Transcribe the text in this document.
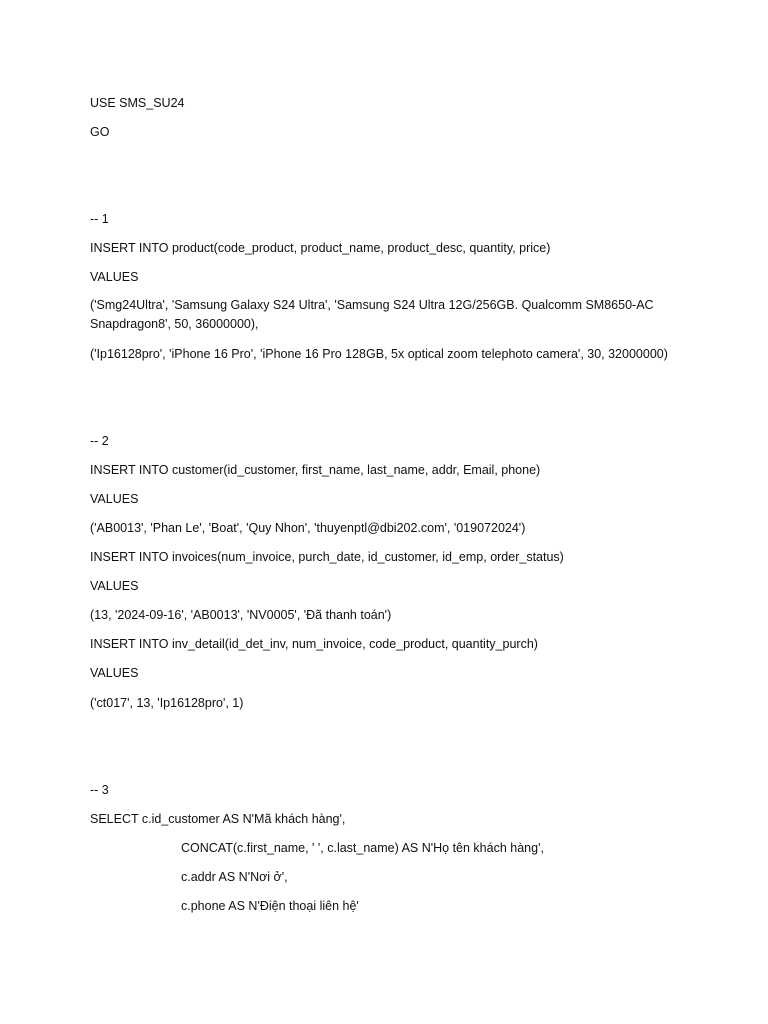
USE SMS_SU24
GO
-- 1
INSERT INTO product(code_product, product_name, product_desc, quantity, price)
VALUES
('Smg24Ultra', 'Samsung Galaxy S24 Ultra', 'Samsung S24 Ultra 12G/256GB. Qualcomm SM8650-AC Snapdragon8', 50, 36000000),
('Ip16128pro', 'iPhone 16 Pro', 'iPhone 16 Pro 128GB, 5x optical zoom telephoto camera', 30, 32000000)
-- 2
INSERT INTO customer(id_customer, first_name, last_name, addr, Email, phone)
VALUES
('AB0013', 'Phan Le', 'Boat', 'Quy Nhon', 'thuyenptl@dbi202.com', '019072024')
INSERT INTO invoices(num_invoice, purch_date, id_customer, id_emp, order_status)
VALUES
(13, '2024-09-16', 'AB0013', 'NV0005', 'Đã thanh toán')
INSERT INTO inv_detail(id_det_inv, num_invoice, code_product, quantity_purch)
VALUES
('ct017', 13, 'Ip16128pro', 1)
-- 3
SELECT c.id_customer AS N'Mã khách hàng',
CONCAT(c.first_name, ' ', c.last_name) AS N'Họ tên khách hàng',
c.addr AS N'Nơi ở',
c.phone AS N'Điện thoại liên hệ'
